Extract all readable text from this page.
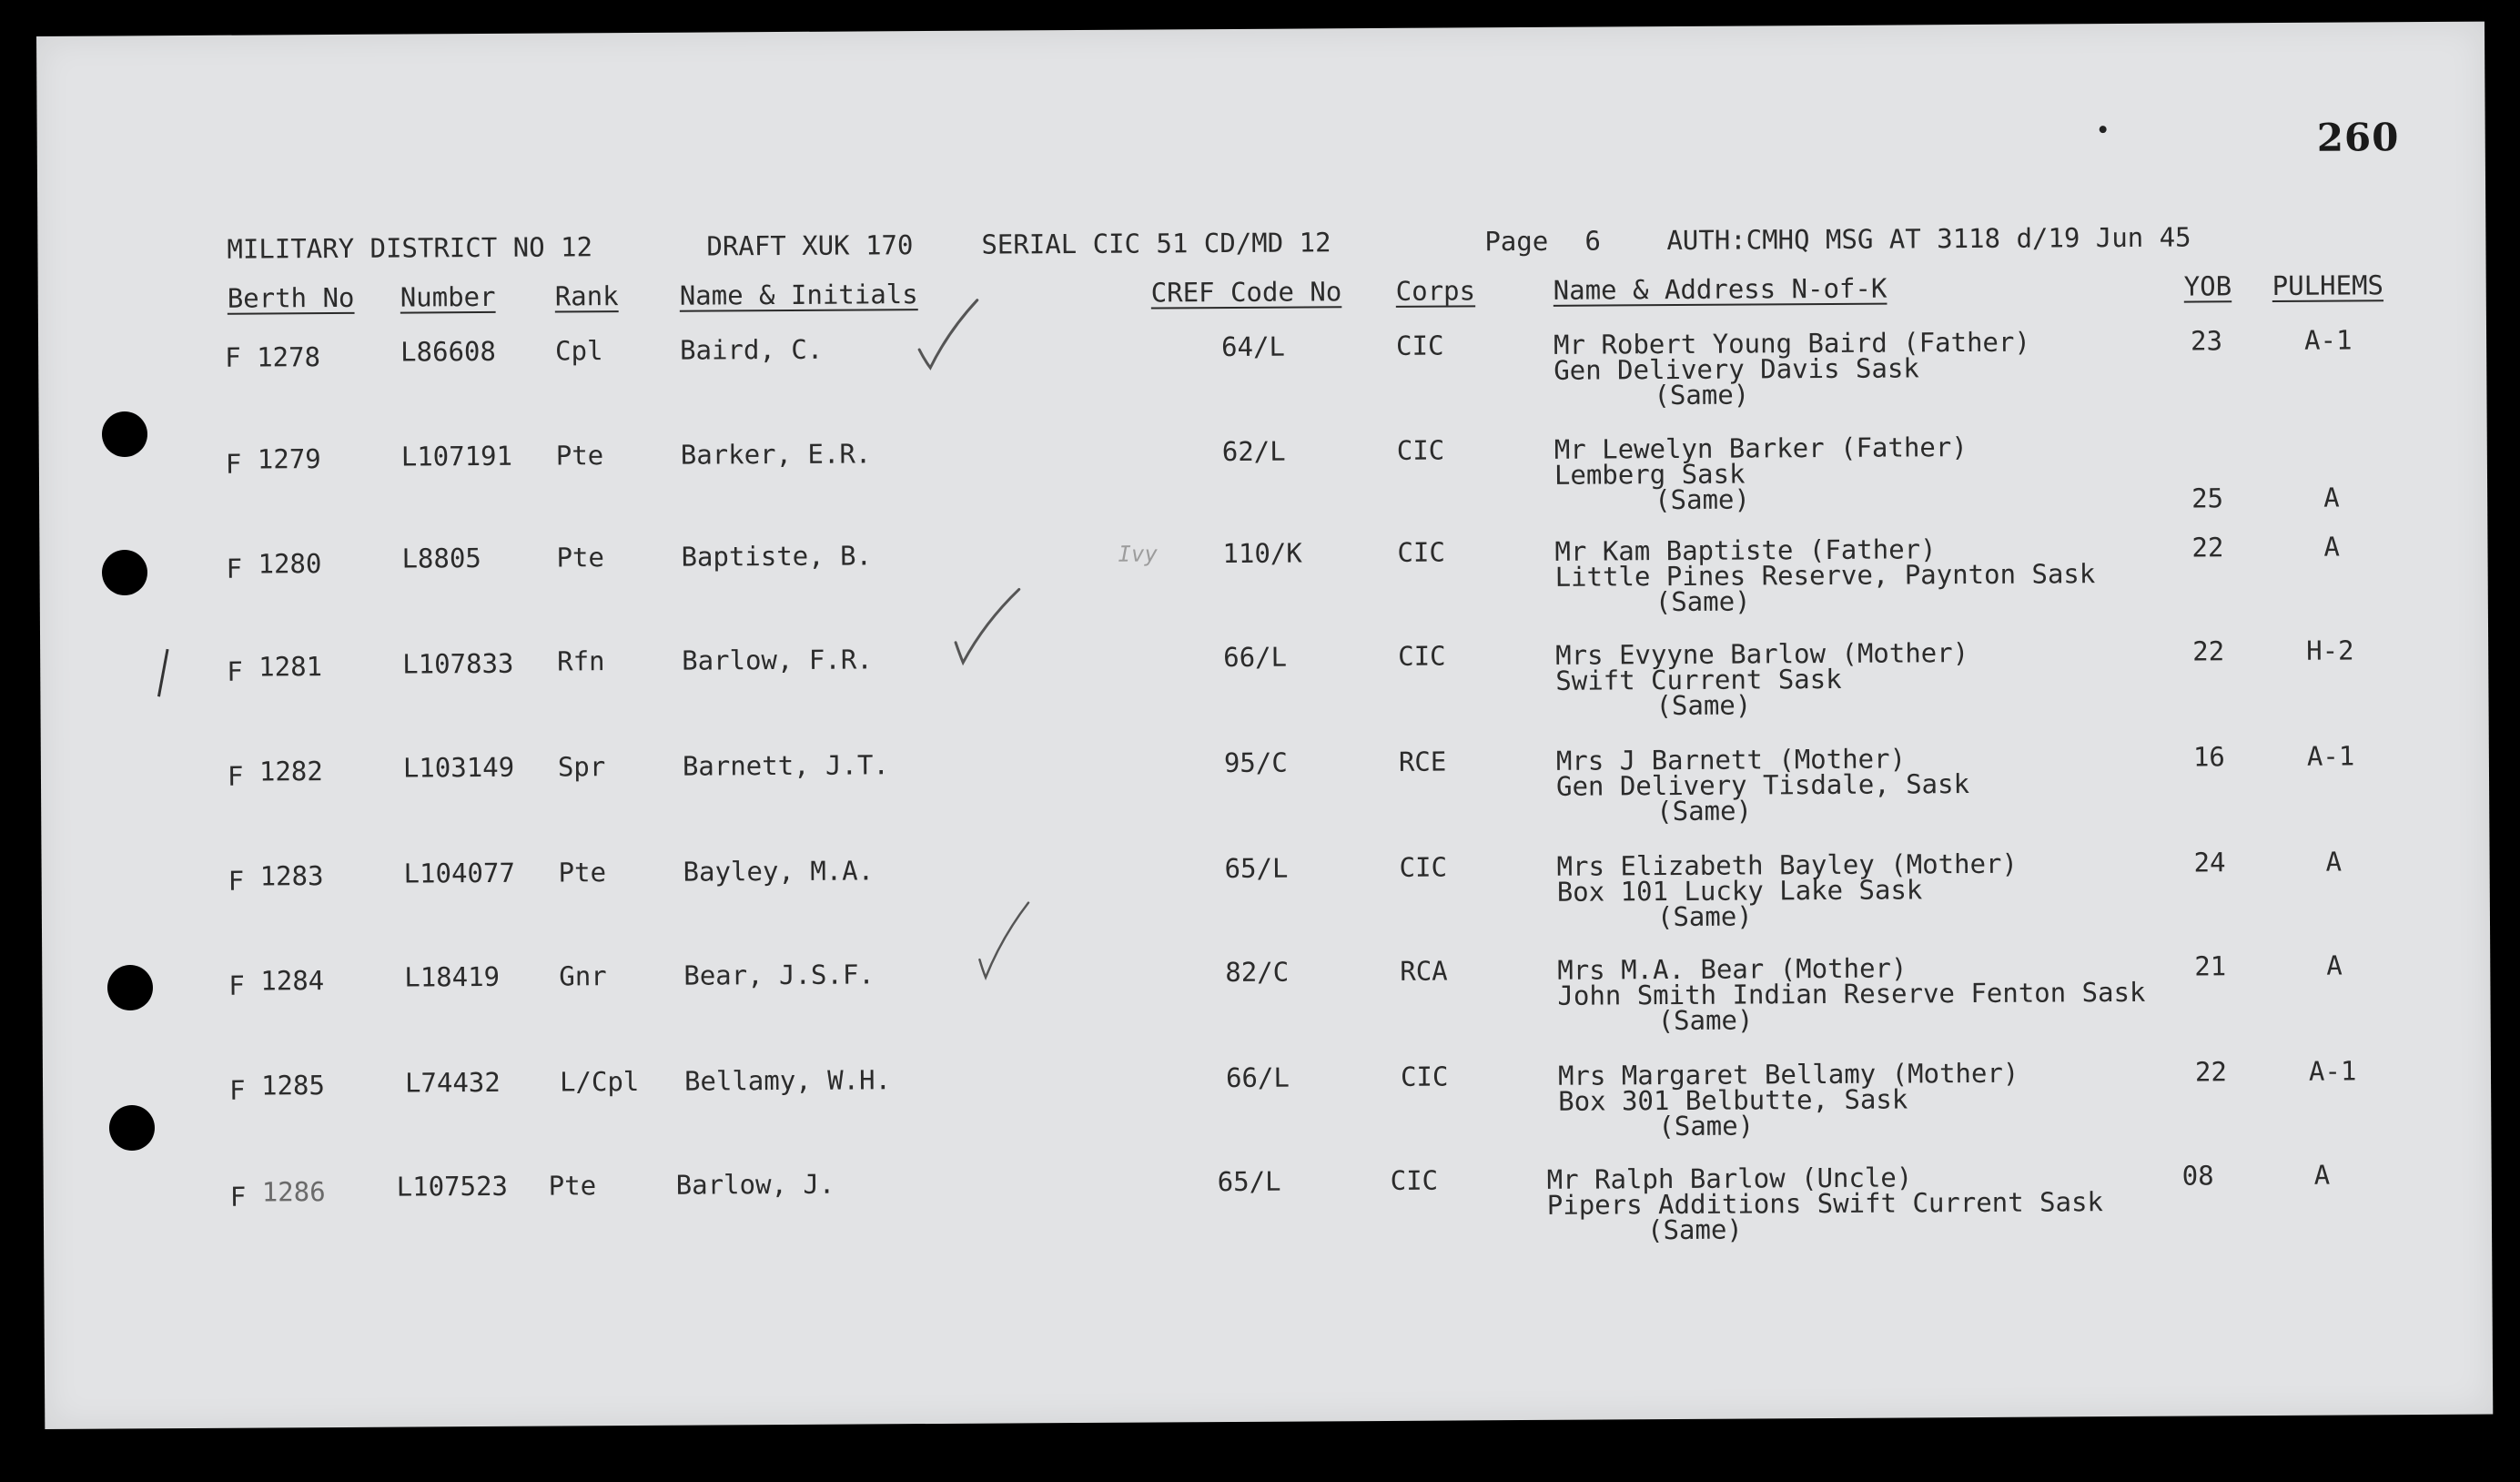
260
MILITARY DISTRICT NO 12	DRAFT XUK 170	SERIAL CIC 51 CD/MD 12	Page 6 AUTH:CMHQ MSG AT 3118 d/19 Jun 45
Berth No Number Rank Name & Initials	CREF Code No Corps	Name & Address N-of-K	YOB PULHEMS
F 1278	L86608 Cpl	Baird, C.	64/L	CIC	Mr Robert Young Baird (Father)
Gen Delivery Davis Sask
(Same)
23	A-1
F 1279	L107191 Pte	Barker, E.R.	62/L	CIC	Mr Lewelyn Barker (Father)
Lemberg Sask
(Same)	25	A
F 1280	L8805	Pte	Baptiste, B.	Ivy 110/K	CIC	Mr Kam Baptiste (Father)
Little Pines Reserve, Paynton Sask
(Same)
22	A
F 1281	L107833 Rfn	Barlow, F.R.	66/L	CIC	Mrs Evyyne Barlow (Mother)
Swift Current Sask
(Same)
22	H-2
F 1282	L103149 Spr	Barnett, J.T.	95/C	RCE	Mrs J Barnett (Mother)
Gen Delivery Tisdale, Sask
(Same)
16	A-1
F 1283	L104077 Pte	Bayley, M.A.	65/L	CIC	Mrs Elizabeth Bayley (Mother)
Box 101 Lucky Lake Sask
(Same)
24	A
F 1284	L18419 Gnr	Bear, J.S.F.	82/C	RCA	Mrs M.A. Bear (Mother)
John Smith Indian Reserve Fenton Sask
(Same)
21	A
F 1285	L74432 L/Cpl Bellamy, W.H.	66/L	CIC	Mrs Margaret Bellamy (Mother)
Box 301 Belbutte, Sask
(Same)
22	A-1
F 1286	L107523 Pte	Barlow, J.	65/L	CIC	Mr Ralph Barlow (Uncle)
Pipers Additions Swift Current Sask
(Same)
08	A
